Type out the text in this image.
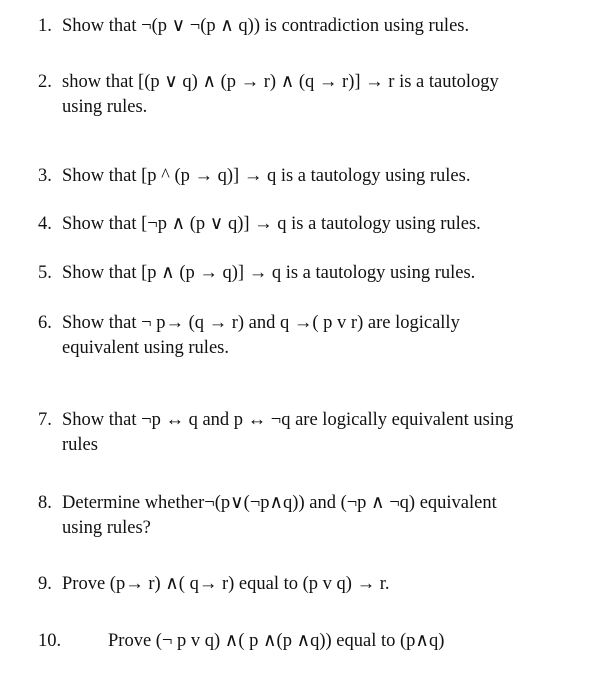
1. Show that ¬(p ∨ ¬(p ∧ q)) is contradiction using rules.
2. show that [(p ∨ q) ∧ (p → r) ∧ (q → r)] → r is a tautology
using rules.
3. Show that [p ^ (p → q)] → q is a tautology using rules.
4. Show that [¬p ∧ (p ∨ q)] → q is a tautology using rules.
5. Show that [p ∧ (p → q)] → q is a tautology using rules.
6. Show that ¬ p→ (q → r) and q →( p v r) are logically
equivalent using rules.
7. Show that ¬p ↔ q and p ↔ ¬q are logically equivalent using
rules
8. Determine whether¬(p∨(¬p∧q)) and (¬p ∧ ¬q) equivalent
using rules?
9. Prove (p→ r) ∧( q→ r) equal to (p v q) → r.
10.	Prove (¬ p v q) ∧( p ∧(p ∧q)) equal to (p∧q)
